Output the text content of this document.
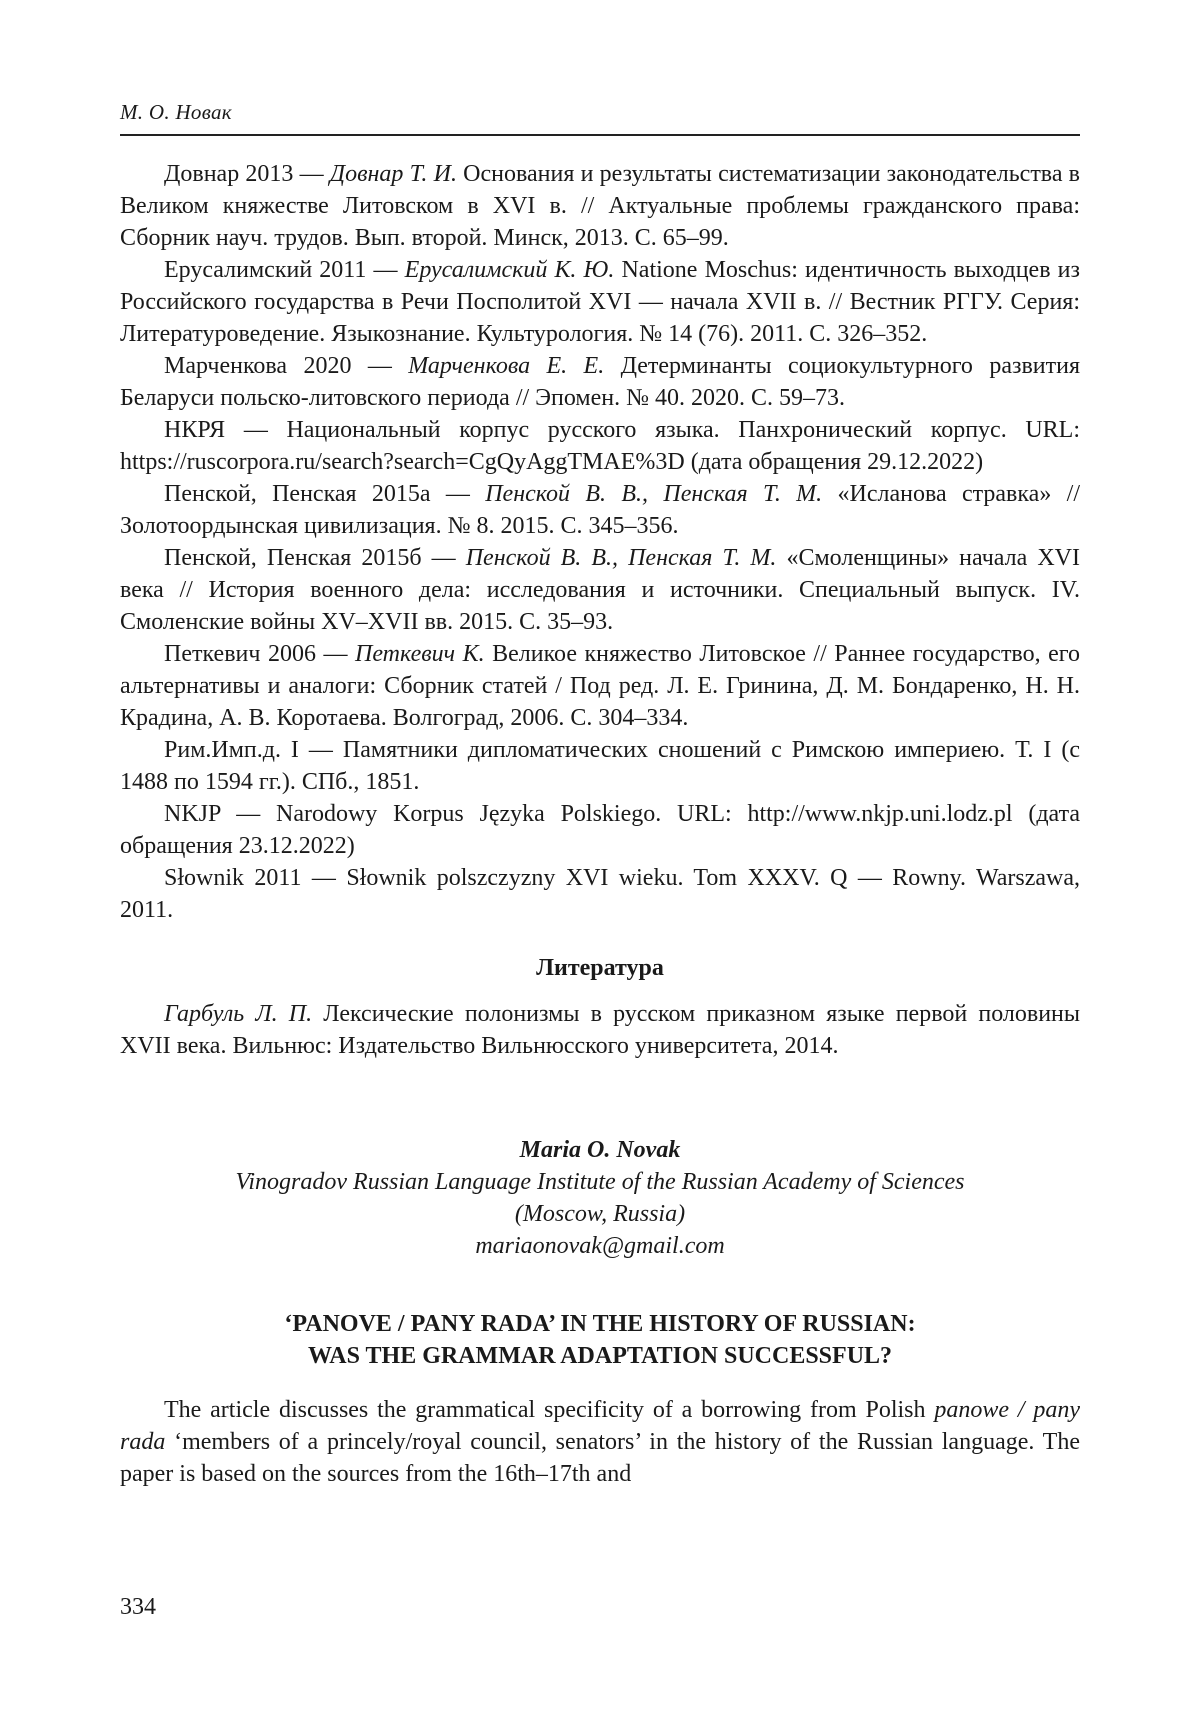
М. О. Новак

Довнар 2013 — Довнар Т. И. Основания и результаты систематизации законодательства в Великом княжестве Литовском в XVI в. // Актуальные проблемы гражданского права: Сборник науч. трудов. Вып. второй. Минск, 2013. С. 65–99.

Ерусалимский 2011 — Ерусалимский К. Ю. Natione Moschus: идентичность выходцев из Российского государства в Речи Посполитой XVI — начала XVII в. // Вестник РГГУ. Серия: Литературоведение. Языкознание. Культурология. № 14 (76). 2011. С. 326–352.

Марченкова 2020 — Марченкова Е. Е. Детерминанты социокультурного развития Беларуси польско-литовского периода // Эпомен. № 40. 2020. С. 59–73.

НКРЯ — Национальный корпус русского языка. Панхронический корпус. URL: https://ruscorpora.ru/search?search=CgQyAggTMAE%3D (дата обращения 29.12.2022)

Пенской, Пенская 2015а — Пенской В. В., Пенская Т. М. «Исланова стравка» // Золотоордынская цивилизация. № 8. 2015. С. 345–356.

Пенской, Пенская 2015б — Пенской В. В., Пенская Т. М. «Смоленщины» начала XVI века // История военного дела: исследования и источники. Специальный выпуск. IV. Смоленские войны XV–XVII вв. 2015. С. 35–93.

Петкевич 2006 — Петкевич К. Великое княжество Литовское // Раннее государство, его альтернативы и аналоги: Сборник статей / Под ред. Л. Е. Гринина, Д. М. Бондаренко, Н. Н. Крадина, А. В. Коротаева. Волгоград, 2006. С. 304–334.

Рим.Имп.д. I — Памятники дипломатических сношений с Римскою империею. Т. I (с 1488 по 1594 гг.). СПб., 1851.

NKJP — Narodowy Korpus Języka Polskiego. URL: http://www.nkjp.uni.lodz.pl (дата обращения 23.12.2022)

Słownik 2011 — Słownik polszczyzny XVI wieku. Tom XXXV. Q — Rowny. Warszawa, 2011.

Литература

Гарбуль Л. П. Лексические полонизмы в русском приказном языке первой половины XVII века. Вильнюс: Издательство Вильнюсского университета, 2014.

Maria O. Novak
Vinogradov Russian Language Institute of the Russian Academy of Sciences
(Moscow, Russia)
mariaonovak@gmail.com
‘PANOVE / PANY RADA’ IN THE HISTORY OF RUSSIAN:
WAS THE GRAMMAR ADAPTATION SUCCESSFUL?

The article discusses the grammatical specificity of a borrowing from Polish panowe / pany rada ‘members of a princely/royal council, senators’ in the history of the Russian language. The paper is based on the sources from the 16th–17th and

334
